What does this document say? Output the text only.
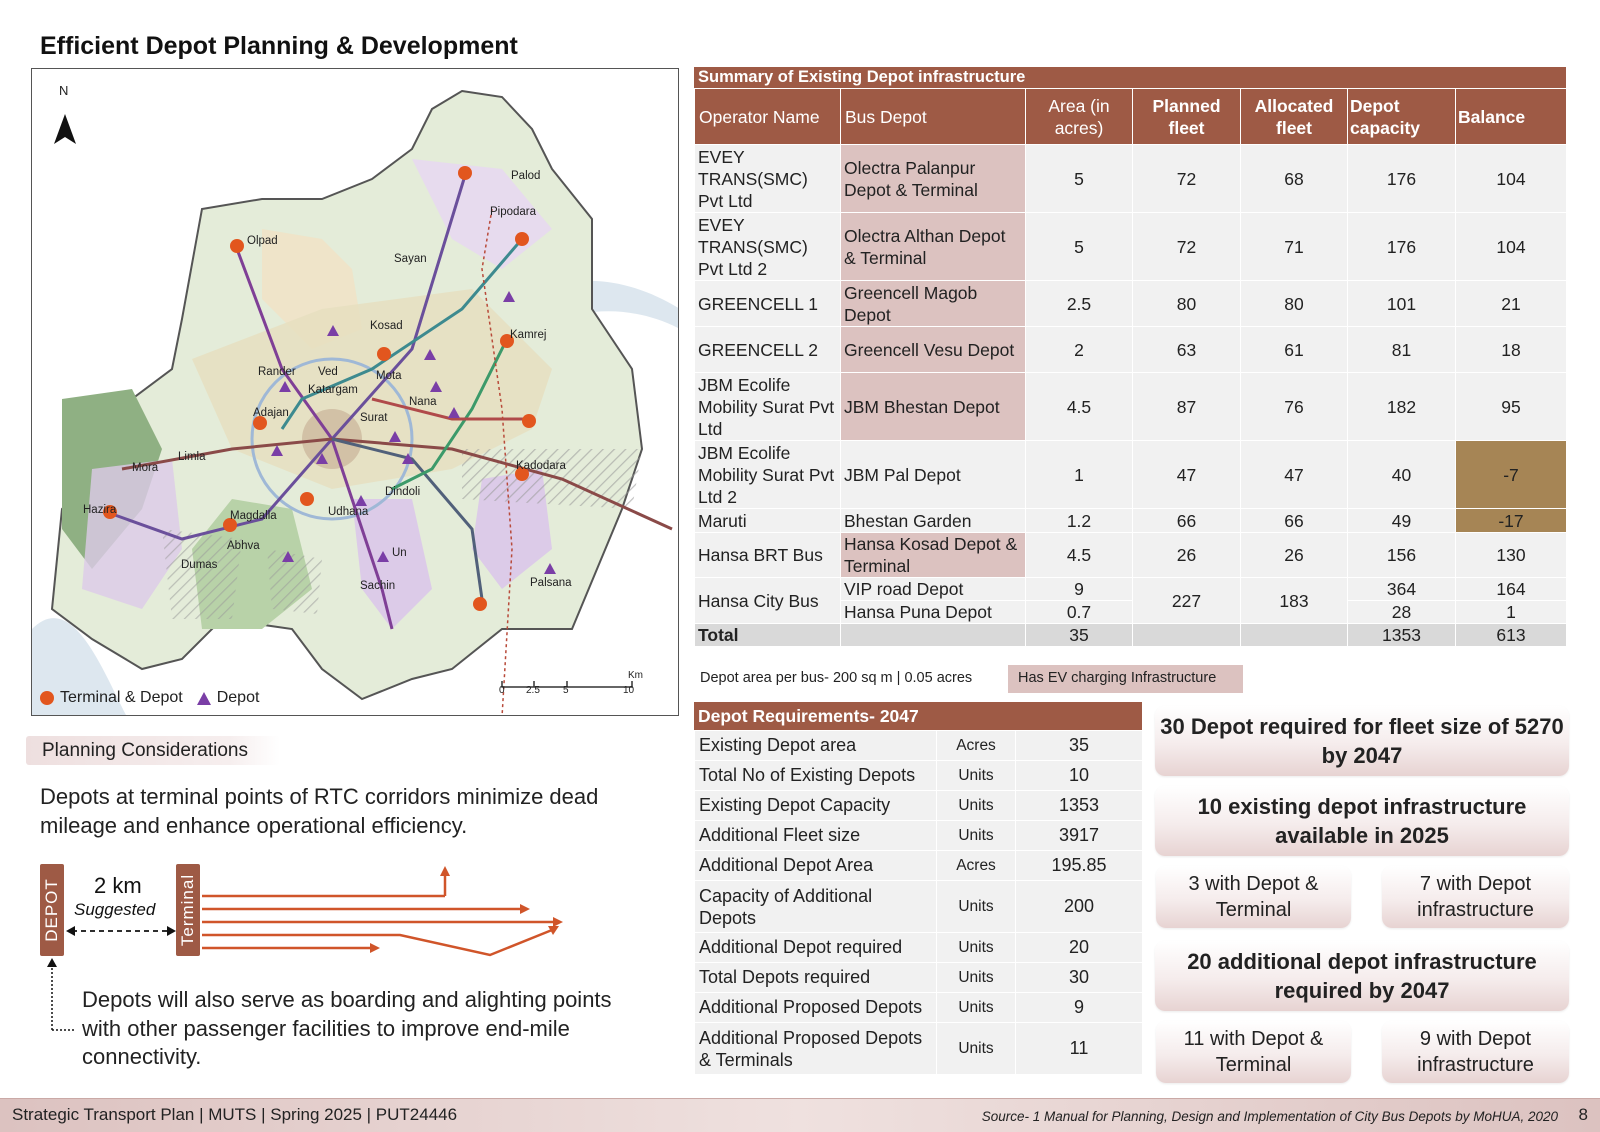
Efficient Depot Planning & Development
N
Palod
Pipodara
Olpad
Sayan
Kosad
Kamrej
Rander Ved
Katargam
Mota
Adajan	Surat
Nana
Mora
Limla
Kadodara
Hazira	Magdalla	Udhana
Dindoli
Abhva
Dumas
Un
Sachin	Palsana
Km
0 2.5 5	10
Terminal & Depot Depot
Planning Considerations
Depots at terminal points of RTC corridors minimize dead mileage and enhance operational efficiency.
DEPOT	Terminal
2 km
Suggested
Depots will also serve as boarding and alighting points with other passenger facilities to improve end-mile connectivity.
Summary of Existing Depot infrastructure
Operator Name	Bus Depot	Area (in acres)	Planned fleet	Allocated fleet	Depot capacity	Balance
EVEY TRANS(SMC) Pvt Ltd	Olectra Palanpur Depot & Terminal	5	72	68	176	104
EVEY TRANS(SMC) Pvt Ltd 2	Olectra Althan Depot & Terminal	5	72	71	176	104
GREENCELL 1	Greencell Magob Depot	2.5	80	80	101	21
GREENCELL 2	Greencell Vesu Depot	2	63	61	81	18
JBM Ecolife Mobility Surat Pvt Ltd	JBM Bhestan Depot	4.5	87	76	182	95
JBM Ecolife Mobility Surat Pvt Ltd 2	JBM Pal Depot	1	47	47	40	-7
Maruti	Bhestan Garden	1.2	66	66	49	-17
Hansa BRT Bus	Hansa Kosad Depot & Terminal	4.5	26	26	156	130
Hansa City Bus	VIP road Depot	9	227	183	364	164
	Hansa Puna Depot	0.7			28	1
Total		35			1353	613
Depot area per bus- 200 sq m | 0.05 acres	Has EV charging Infrastructure
Depot Requirements- 2047
Existing Depot area	Acres	35
Total No of Existing Depots	Units	10
Existing Depot Capacity	Units	1353
Additional Fleet size	Units	3917
Additional Depot Area	Acres	195.85
Capacity of Additional Depots	Units	200
Additional Depot required	Units	20
Total Depots required	Units	30
Additional Proposed Depots	Units	9
Additional Proposed Depots & Terminals	Units	11
30 Depot required for fleet size of 5270 by 2047
10 existing depot infrastructure available in 2025
3 with Depot & Terminal
7 with Depot infrastructure
20 additional depot infrastructure required by 2047
11 with Depot & Terminal
9 with Depot infrastructure
Strategic Transport Plan | MUTS | Spring 2025 | PUT24446	Source- 1 Manual for Planning, Design and Implementation of City Bus Depots by MoHUA, 2020 8
